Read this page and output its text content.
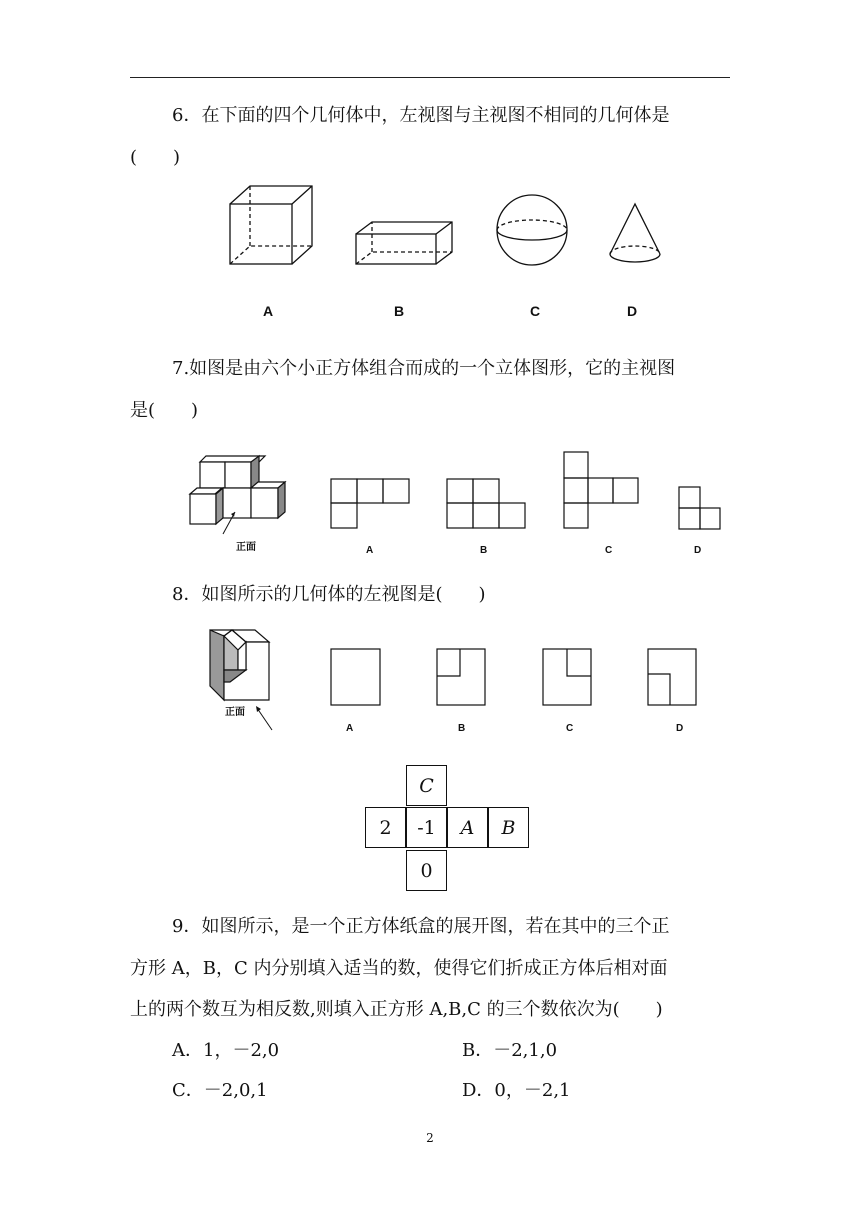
6．在下面的四个几何体中，左视图与主视图不相同的几何体是

(　　)

A	B	C	D

7.如图是由六个小正方体组合而成的一个立体图形，它的主视图

是(　　)

正面	A	B	C	D

8．如图所示的几何体的左视图是(　　)

正面
A	B	C	D
C
2	-1	A	B
0

9．如图所示，是一个正方体纸盒的展开图，若在其中的三个正

方形 A，B，C 内分别填入适当的数，使得它们折成正方体后相对面

上的两个数互为相反数,则填入正方形 A,B,C 的三个数依次为(　　)

A．1，－2,0	B．－2,1,0
C．－2,0,1	D．0，－2,1
2
